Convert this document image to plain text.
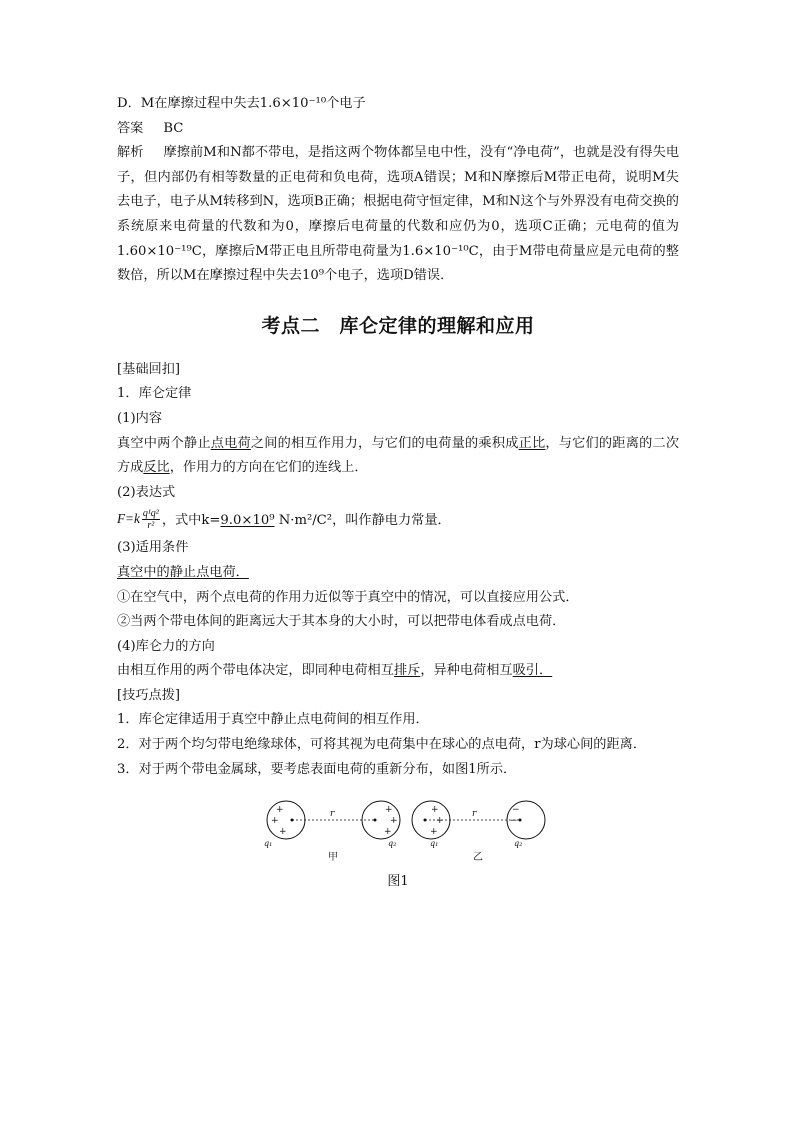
D．M在摩擦过程中失去1.6×10⁻¹⁰个电子
答案 BC
解析 摩擦前M和N都不带电，是指这两个物体都呈电中性，没有“净电荷”，也就是没有得失电子，但内部仍有相等数量的正电荷和负电荷，选项A错误；M和N摩擦后M带正电荷，说明M失去电子，电子从M转移到N，选项B正确；根据电荷守恒定律，M和N这个与外界没有电荷交换的系统原来电荷量的代数和为0，摩擦后电荷量的代数和应仍为0，选项C正确；元电荷的值为1.60×10⁻¹⁹C，摩擦后M带正电且所带电荷量为1.6×10⁻¹⁰C，由于M带电荷量应是元电荷的整数倍，所以M在摩擦过程中失去10⁹个电子，选项D错误．
考点二　库仑定律的理解和应用
[基础回扣]
1．库仑定律
(1)内容
真空中两个静止点电荷之间的相互作用力，与它们的电荷量的乘积成正比，与它们的距离的二次方成反比，作用力的方向在它们的连线上．
(2)表达式
$F=k \frac{\text{q¹q²}}{\text{r²}}$ ，式中k=9.0×10⁹ N·m²/C²，叫作静电力常量．
(3)适用条件
真空中的静止点电荷．
①在空气中，两个点电荷的作用力近似等于真空中的情况，可以直接应用公式．
②当两个带电体间的距离远大于其本身的大小时，可以把带电体看成点电荷．
(4)库仑力的方向
由相互作用的两个带电体决定，即同种电荷相互排斥，异种电荷相互吸引．
[技巧点拨]
1．库仑定律适用于真空中静止点电荷间的相互作用．
2．对于两个均匀带电绝缘球体，可将其视为电荷集中在球心的点电荷，r为球心间的距离．
3．对于两个带电金属球，要考虑表面电荷的重新分布，如图1所示．
+
+
+
+
+
+
r
q₁	q₂
甲
+
+
+
−
−
r
q₁	q₂
乙
图1
